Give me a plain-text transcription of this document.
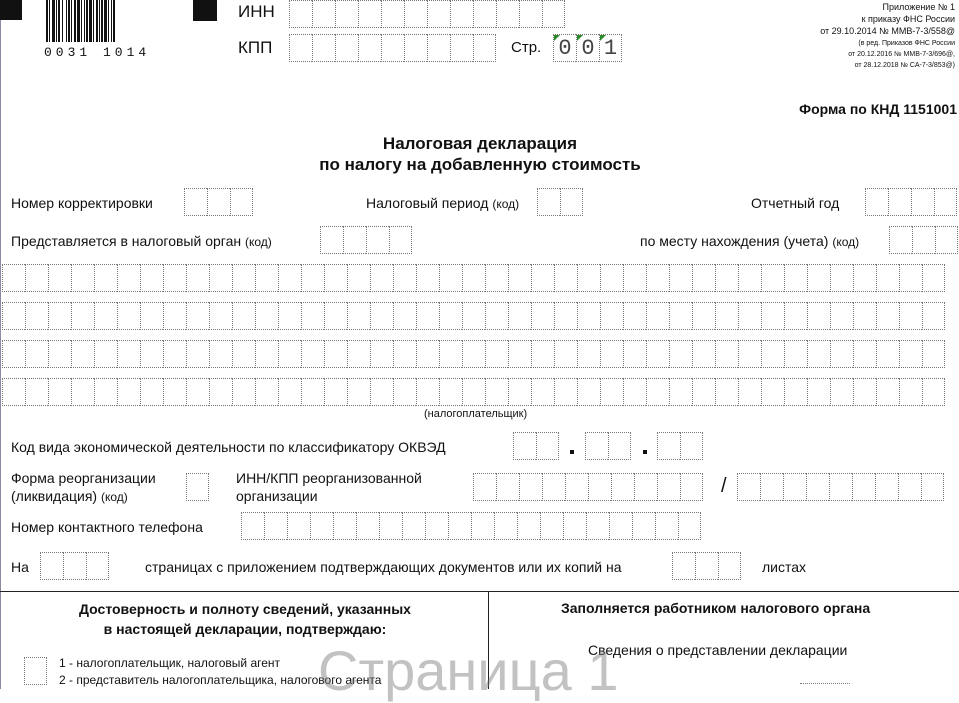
0031 1014
ИНН
КПП	Стр. 0 0 1
Приложение № 1
к приказу ФНС России
от 29.10.2014 № ММВ-7-3/558@
(в ред. Приказов ФНС России
от 20.12.2016 № ММВ-7-3/696@,
от 28.12.2018 № СА-7-3/853@)
Форма по КНД 1151001
Налоговая декларация
по налогу на добавленную стоимость
Номер корректировки	Налоговый период (код)	Отчетный год
Представляется в налоговый орган (код)	по месту нахождения (учета) (код)
(налогоплательщик)
Код вида экономической деятельности по классификатору ОКВЭД
Форма реорганизации
(ликвидация) (код)
ИНН/КПП реорганизованной
организации	/
Номер контактного телефона
На	страницах с приложением подтверждающих документов или их копий на	листах
Достоверность и полноту сведений, указанных
в настоящей декларации, подтверждаю:
1 - налогоплательщик, налоговый агент
2 - представитель налогоплательщика, налогового агента
Заполняется работником налогового органа
Сведения о представлении декларации
Страница 1
